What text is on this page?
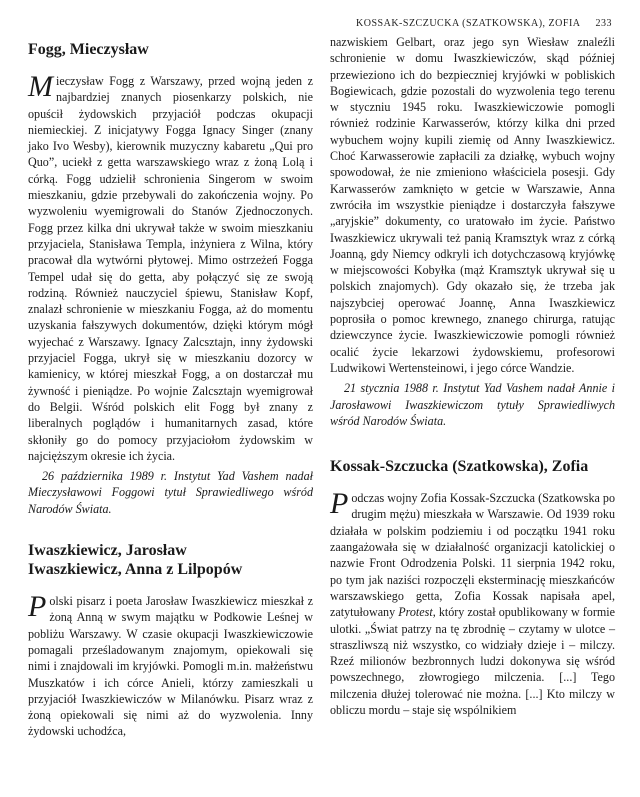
KOSSAK-SZCZUCKA (SZATKOWSKA), ZOFIA 233
Fogg, Mieczysław

Mieczysław Fogg z Warszawy, przed wojną jeden z najbardziej znanych piosenkarzy polskich, nie opuścił żydowskich przyjaciół podczas okupacji niemieckiej. Z inicjatywy Fogga Ignacy Singer (znany jako Ivo Wesby), kierownik muzyczny kabaretu „Qui pro Quo”, uciekł z getta warszawskiego wraz z żoną Lolą i córką. Fogg udzielił schronienia Singerom w swoim mieszkaniu, gdzie przebywali do zakończenia wojny. Po wyzwoleniu wyemigrowali do Stanów Zjednoczonych. Fogg przez kilka dni ukrywał także w swoim mieszkaniu przyjaciela, Stanisława Templa, inżyniera z Wilna, który pracował dla wytwórni płytowej. Mimo ostrzeżeń Fogga Tempel udał się do getta, aby połączyć się ze swoją rodziną. Również nauczyciel śpiewu, Stanisław Kopf, znalazł schronienie w mieszkaniu Fogga, aż do momentu uzyskania fałszywych dokumentów, dzięki którym mógł wyjechać z Warszawy. Ignacy Zalcsztajn, inny żydowski przyjaciel Fogga, ukrył się w mieszkaniu dozorcy w kamienicy, w której mieszkał Fogg, a on dostarczał mu żywność i pieniądze. Po wojnie Zalcsztajn wyemigrował do Belgii. Wśród polskich elit Fogg był znany z liberalnych poglądów i humanitarnych zasad, które skłoniły go do pomocy przyjaciołom żydowskim w najcięższym okresie ich życia.

26 października 1989 r. Instytut Yad Vashem nadał Mieczysławowi Foggowi tytuł Sprawiedliwego wśród Narodów Świata.

Iwaszkiewicz, Jarosław
Iwaszkiewicz, Anna z Lilpopów

Polski pisarz i poeta Jarosław Iwaszkiewicz mieszkał z żoną Anną w swym majątku w Podkowie Leśnej w pobliżu Warszawy. W czasie okupacji Iwaszkiewiczowie pomagali prześladowanym znajomym, opiekowali się nimi i znajdowali im kryjówki. Pomogli m.in. małżeństwu Muszkatów i ich córce Anieli, którzy zamieszkali u przyjaciół Iwaszkiewiczów w Milanówku. Pisarz wraz z żoną opiekowali się nimi aż do wyzwolenia. Inny żydowski uchodźca,

nazwiskiem Gelbart, oraz jego syn Wiesław znaleźli schronienie w domu Iwaszkiewiczów, skąd później przewieziono ich do bezpieczniej kryjówki w pobliskich Bogiewicach, gdzie pozostali do wyzwolenia tego terenu w styczniu 1945 roku. Iwaszkiewiczowie pomogli również rodzinie Karwasserów, którzy kilka dni przed wybuchem wojny kupili ziemię od Anny Iwaszkiewicz. Choć Karwasserowie zapłacili za działkę, wybuch wojny spowodował, że nie zmieniono właściciela posesji. Gdy Karwasserów zamknięto w getcie w Warszawie, Anna zwróciła im wszystkie pieniądze i dostarczyła fałszywe „aryjskie” dokumenty, co uratowało im życie. Państwo Iwaszkiewicz ukrywali też panią Kramsztyk wraz z córką Joanną, gdy Niemcy odkryli ich dotychczasową kryjówkę w miejscowości Kobyłka (mąż Kramsztyk ukrywał się u polskich znajomych). Gdy okazało się, że trzeba jak najszybciej operować Joannę, Anna Iwaszkiewicz poprosiła o pomoc krewnego, znanego chirurga, ratując dziewczynce życie. Iwaszkiewiczowie pomogli również ocalić życie lekarzowi żydowskiemu, profesorowi Ludwikowi Wertensteinowi, i jego córce Wandzie.

21 stycznia 1988 r. Instytut Yad Vashem nadał Annie i Jarosławowi Iwaszkiewiczom tytuły Sprawiedliwych wśród Narodów Świata.

Kossak-Szczucka (Szatkowska), Zofia

Podczas wojny Zofia Kossak-Szczucka (Szatkowska po drugim mężu) mieszkała w Warszawie. Od 1939 roku działała w polskim podziemiu i od początku 1941 roku zaangażowała się w działalność organizacji katolickiej o nazwie Front Odrodzenia Polski. 11 sierpnia 1942 roku, po tym jak naziści rozpoczęli eksterminację mieszkańców warszawskiego getta, Zofia Kossak napisała apel, zatytułowany Protest, który został opublikowany w formie ulotki. „Świat patrzy na tę zbrodnię – czytamy w ulotce – straszliwszą niż wszystko, co widziały dzieje i – milczy. Rzeź milionów bezbronnych ludzi dokonywa się wśród powszechnego, złowrogiego milczenia. [...] Tego milczenia dłużej tolerować nie można. [...] Kto milczy w obliczu mordu – staje się wspólnikiem
